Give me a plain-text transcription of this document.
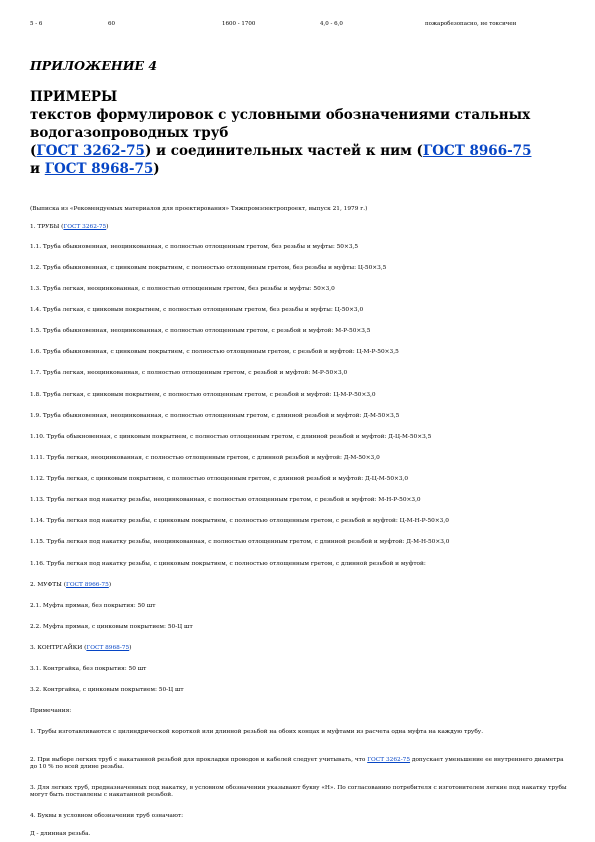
5 - 6	60	1600 - 1700	4,0 - 6,0	пожаробезопасно, не токсичен
ПРИЛОЖЕНИЕ 4
ПРИМЕРЫ
текстов формулировок с условными обозначениями стальных
водогазопроводных труб
(ГОСТ 3262-75) и соединительных частей к ним (ГОСТ 8966-75
и ГОСТ 8968-75)
(Выписка из «Рекомендуемых материалов для проектирования» Тяжпромэлектропроект, выпуск 21, 1979 г.)
1. ТРУБЫ (ГОСТ 3262-75)
1.1. Труба обыкновенная, неоцинкованная, с полностью отлощенным гретом, без резьбы и муфты: 50×3,5
1.2. Труба обыкновенная, с цинковым покрытием, с полностью отлощенным гретом, без резьбы и муфты: Ц-50×3,5
1.3. Труба легкая, неоцинкованная, с полностью отлощенным гретом, без резьбы и муфты: 50×3,0
1.4. Труба легкая, с цинковым покрытием, с полностью отлощенным гретом, без резьбы и муфты: Ц-50×3,0
1.5. Труба обыкновенная, неоцинкованная, с полностью отлощенным гретом, с резьбой и муфтой: М-Р-50×3,5
1.6. Труба обыкновенная, с цинковым покрытием, с полностью отлощенным гретом, с резьбой и муфтой: Ц-М-Р-50×3,5
1.7. Труба легкая, неоцинкованная, с полностью отлощенным гретом, с резьбой и муфтой: М-Р-50×3,0
1.8. Труба легкая, с цинковым покрытием, с полностью отлощенным гретом, с резьбой и муфтой: Ц-М-Р-50×3,0
1.9. Труба обыкновенная, неоцинкованная, с полностью отлощенным гретом, с длинной резьбой и муфтой: Д-М-50×3,5
1.10. Труба обыкновенная, с цинковым покрытием, с полностью отлощенным гретом, с длинной резьбой и муфтой: Д-Ц-М-50×3,5
1.11. Труба легкая, неоцинкованная, с полностью отлощенным гретом, с длинной резьбой и муфтой: Д-М-50×3,0
1.12. Труба легкая, с цинковым покрытием, с полностью отлощенным гретом, с длинной резьбой и муфтой: Д-Ц-М-50×3,0
1.13. Труба легкая под накатку резьбы, неоцинкованная, с полностью отлощенным гретом, с резьбой и муфтой: М-Н-Р-50×3,0
1.14. Труба легкая под накатку резьбы, с цинковым покрытием, с полностью отлощенным гретом, с резьбой и муфтой: Ц-М-Н-Р-50×3,0
1.15. Труба легкая под накатку резьбы, неоцинкованная, с полностью отлощенным гретом, с длинной резьбой и муфтой: Д-М-Н-50×3,0
1.16. Труба легкая под накатку резьбы, с цинковым покрытием, с полностью отлощенным гретом, с длинной резьбой и муфтой:
2. МУФТЫ (ГОСТ 8966-75)
2.1. Муфта прямая, без покрытия: 50 шт
2.2. Муфта прямая, с цинковым покрытием: 50-Ц шт
3. КОНТРГАЙКИ (ГОСТ 8968-75)
3.1. Контргайка, без покрытия: 50 шт
3.2. Контргайка, с цинковым покрытием: 50-Ц шт
Примечания:
1. Трубы изготавливаются с цилиндрической короткой или длинной резьбой на обоих концах и муфтами из расчета одна муфта на каждую трубу.
2. При выборе легких труб с накатанной резьбой для прокладки проводов и кабелей следует учитывать, что ГОСТ 3262-75 допускает уменьшение ее внутреннего диаметра до 10 % по всей длине резьбы.
3. Для легких труб, предназначенных под накатку, в условном обозначении указывают букву «Н». По согласованию потребителя с изготовителем легкие под накатку трубы могут быть поставлены с накатанной резьбой.
4. Буквы в условном обозначении труб означают:
Д - длинная резьба.
